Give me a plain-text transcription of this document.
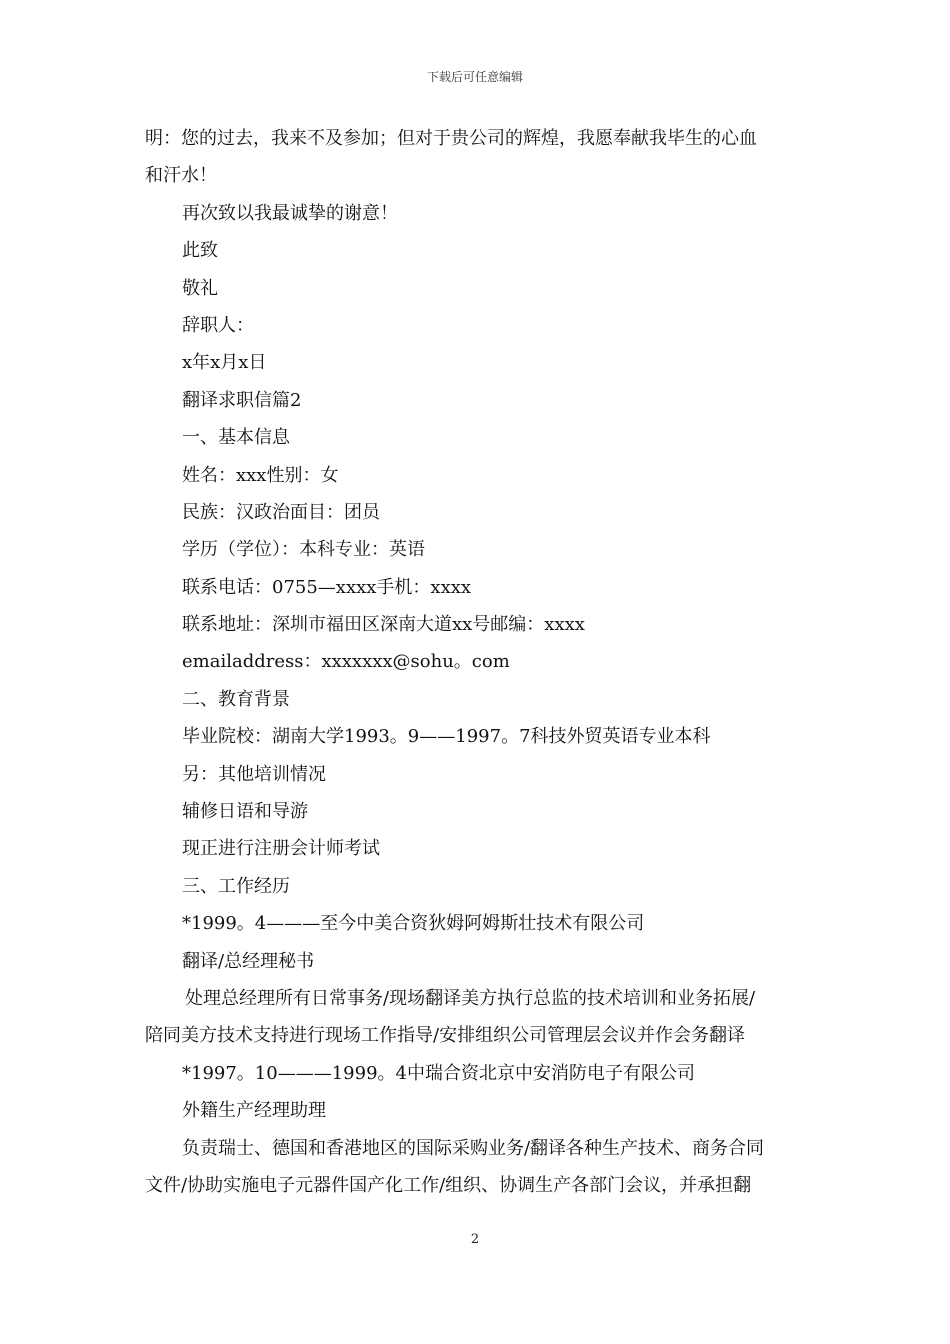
下载后可任意编辑
明：您的过去，我来不及参加；但对于贵公司的辉煌，我愿奉献我毕生的心血
和汗水！
再次致以我最诚挚的谢意！
此致
敬礼
辞职人：
x年x月x日
翻译求职信篇2
一、基本信息
姓名：xxx性别：女
民族：汉政治面目：团员
学历（学位）：本科专业：英语
联系电话：0755—xxxx手机：xxxx
联系地址：深圳市福田区深南大道xx号邮编：xxxx
emailaddress：xxxxxxx@sohu。com
二、教育背景
毕业院校：湖南大学1993。9——1997。7科技外贸英语专业本科
另：其他培训情况
辅修日语和导游
现正进行注册会计师考试
三、工作经历
*1999。4———至今中美合资狄姆阿姆斯壮技术有限公司
翻译/总经理秘书
处理总经理所有日常事务/现场翻译美方执行总监的技术培训和业务拓展/
陪同美方技术支持进行现场工作指导/安排组织公司管理层会议并作会务翻译
*1997。10———1999。4中瑞合资北京中安消防电子有限公司
外籍生产经理助理
负责瑞士、德国和香港地区的国际采购业务/翻译各种生产技术、商务合同
文件/协助实施电子元器件国产化工作/组织、协调生产各部门会议，并承担翻
2
